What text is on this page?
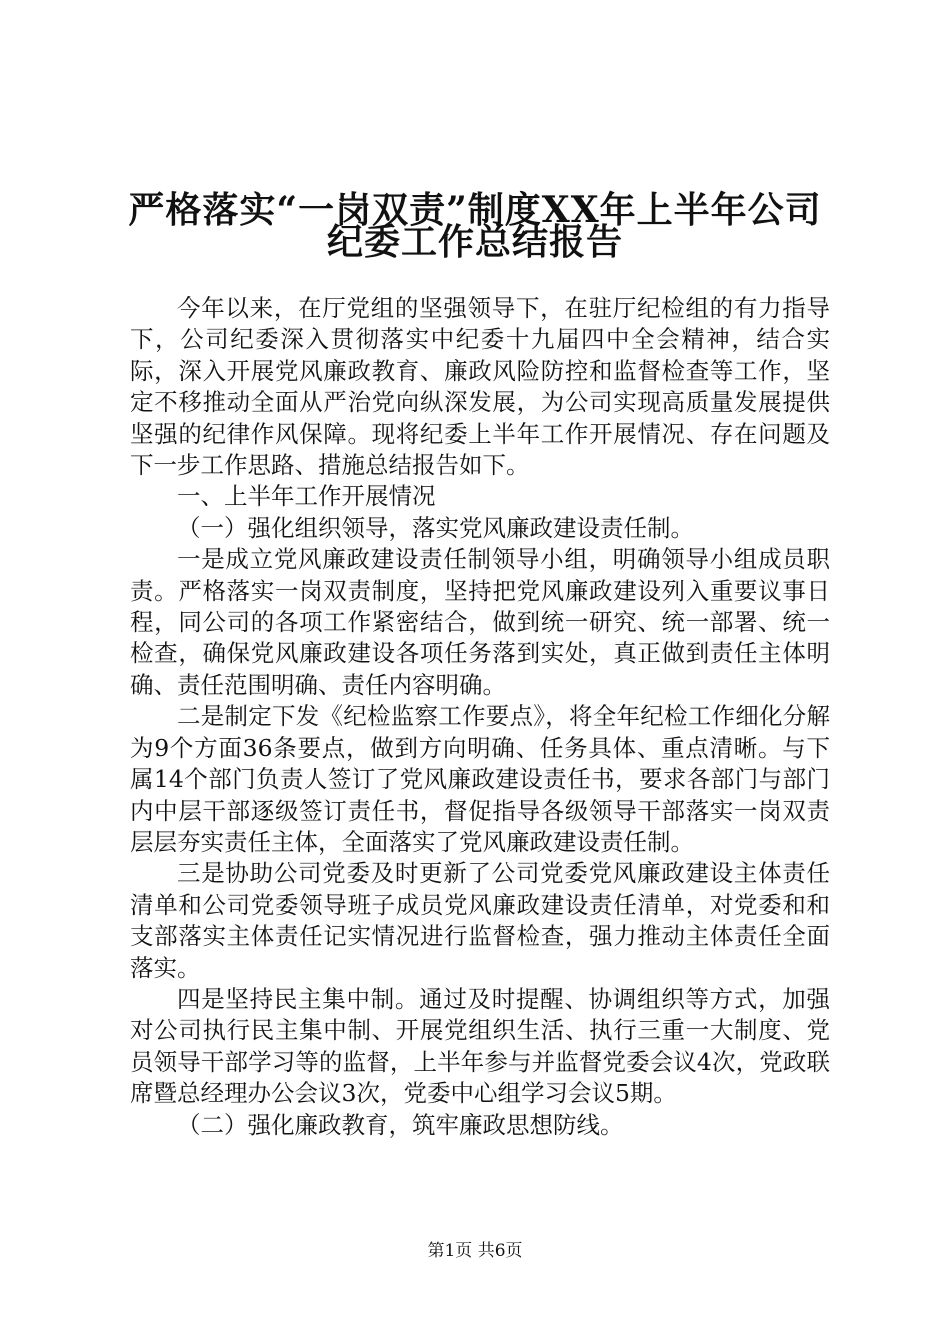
严格落实“一岗双责”制度XX年上半年公司
纪委工作总结报告

今年以来，在厅党组的坚强领导下，在驻厅纪检组的有力指导下，公司纪委深入贯彻落实中纪委十九届四中全会精神，结合实际，深入开展党风廉政教育、廉政风险防控和监督检查等工作，坚定不移推动全面从严治党向纵深发展，为公司实现高质量发展提供坚强的纪律作风保障。现将纪委上半年工作开展情况、存在问题及下一步工作思路、措施总结报告如下。

一、上半年工作开展情况

（一）强化组织领导，落实党风廉政建设责任制。

一是成立党风廉政建设责任制领导小组，明确领导小组成员职责。严格落实一岗双责制度，坚持把党风廉政建设列入重要议事日程，同公司的各项工作紧密结合，做到统一研究、统一部署、统一检查，确保党风廉政建设各项任务落到实处，真正做到责任主体明确、责任范围明确、责任内容明确。

二是制定下发《纪检监察工作要点》，将全年纪检工作细化分解为9个方面36条要点，做到方向明确、任务具体、重点清晰。与下属14个部门负责人签订了党风廉政建设责任书，要求各部门与部门内中层干部逐级签订责任书，督促指导各级领导干部落实一岗双责层层夯实责任主体，全面落实了党风廉政建设责任制。

三是协助公司党委及时更新了公司党委党风廉政建设主体责任清单和公司党委领导班子成员党风廉政建设责任清单，对党委和和支部落实主体责任记实情况进行监督检查，强力推动主体责任全面落实。

四是坚持民主集中制。通过及时提醒、协调组织等方式，加强对公司执行民主集中制、开展党组织生活、执行三重一大制度、党员领导干部学习等的监督，上半年参与并监督党委会议4次，党政联席暨总经理办公会议3次，党委中心组学习会议5期。

（二）强化廉政教育，筑牢廉政思想防线。

第1页 共6页
